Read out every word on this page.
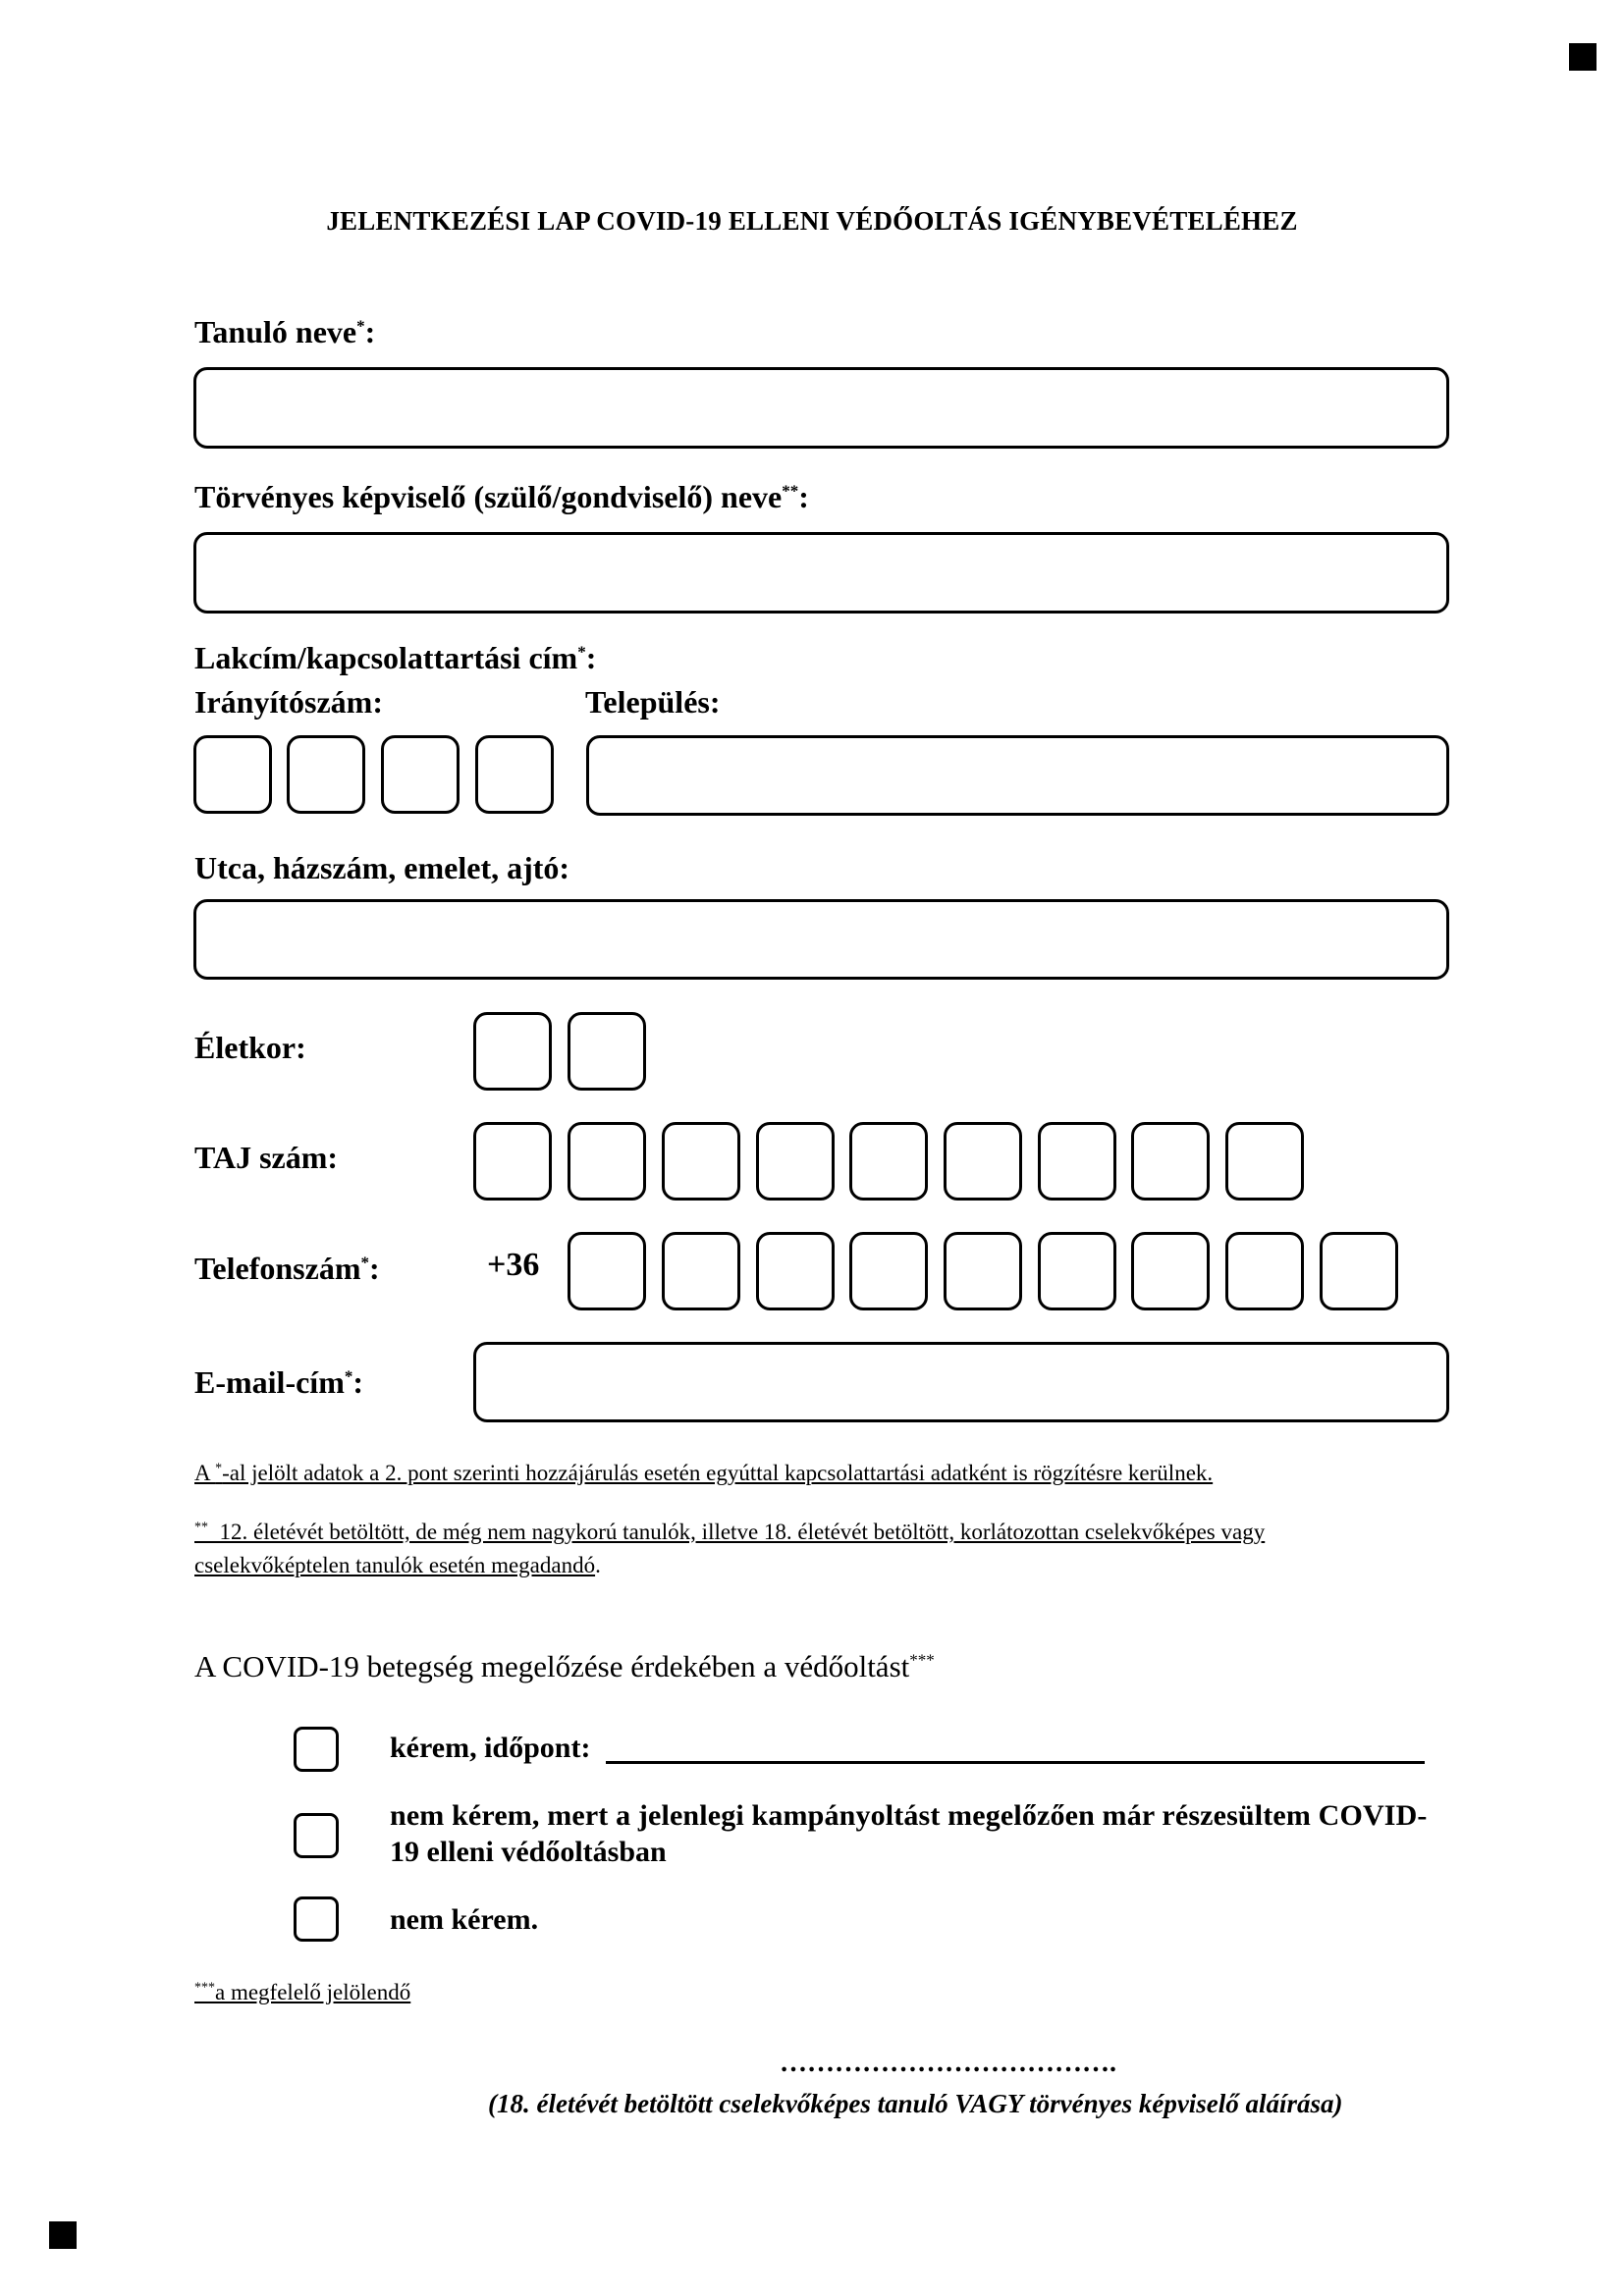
JELENTKEZÉSI LAP COVID-19 ELLENI VÉDŐOLTÁS IGÉNYBEVÉTELÉHEZ
Tanuló neve*:
Törvényes képviselő (szülő/gondviselő) neve**:
Lakcím/kapcsolattartási cím*:
Irányítószám:	Település:
Utca, házszám, emelet, ajtó:
Életkor:
TAJ szám:
Telefonszám*:	+36
E-mail-cím*:
A *-al jelölt adatok a 2. pont szerinti hozzájárulás esetén egyúttal kapcsolattartási adatként is rögzítésre kerülnek.
**  12. életévét betöltött, de még nem nagykorú tanulók, illetve 18. életévét betöltött, korlátozottan cselekvőképes vagy
cselekvőképtelen tanulók esetén megadandó.
A COVID-19 betegség megelőzése érdekében a védőoltást***
kérem, időpont:
nem kérem, mert a jelenlegi kampányoltást megelőzően már részesültem COVID-
19 elleni védőoltásban
nem kérem.
***a megfelelő jelölendő
……………………………….
(18. életévét betöltött cselekvőképes tanuló VAGY törvényes képviselő aláírása)
